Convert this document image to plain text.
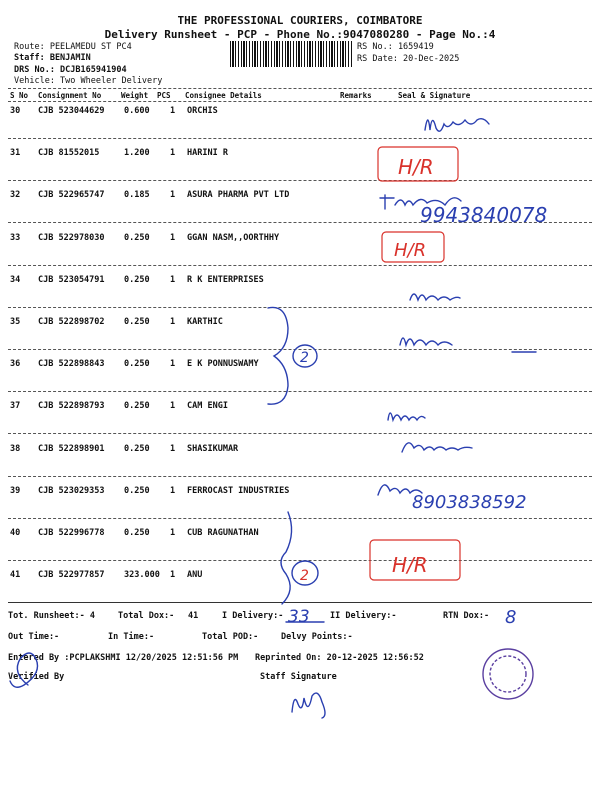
THE PROFESSIONAL COURIERS, COIMBATORE
Delivery Runsheet - PCP - Phone No.:9047080280 - Page No.:4
Route: PEELAMEDU ST PC4
Staff: BENJAMIN
DRS No.: DCJB165941904
Vehicle: Two Wheeler Delivery
RS No.: 1659419
RS Date: 20-Dec-2025
S No Consignment No	Weight PCS Consignee Details	Remarks	Seal & Signature
30 CJB 523044629 0.600 1 ORCHIS
31 CJB 81552015	1.200 1 HARINI R
32 CJB 522965747 0.185 1 ASURA PHARMA PVT LTD
33 CJB 522978030 0.250 1 GGAN NASM,,OORTHHY
34 CJB 523054791 0.250 1 R K ENTERPRISES
35 CJB 522898702 0.250 1 KARTHIC
36 CJB 522898843 0.250 1 E K PONNUSWAMY
37 CJB 522898793 0.250 1 CAM ENGI
38 CJB 522898901 0.250 1 SHASIKUMAR
39 CJB 523029353 0.250 1 FERROCAST INDUSTRIES
40 CJB 522996778 0.250 1 CUB RAGUNATHAN
41 CJB 522977857 323.000 1 ANU
Tot. Runsheet:- 4	Total Dox:- 41	I Delivery:-	II Delivery:-	RTN Dox:-
Out Time:-	In Time:-	Total POD:-	Delvy Points:-
Entered By :PCPLAKSHMI 12/20/2025 12:51:56 PM Reprinted On: 20-12-2025 12:56:52
Verified By	Staff Signature
9943840078
8903838592
2
33	8
H/R
H/R
H/R
2
